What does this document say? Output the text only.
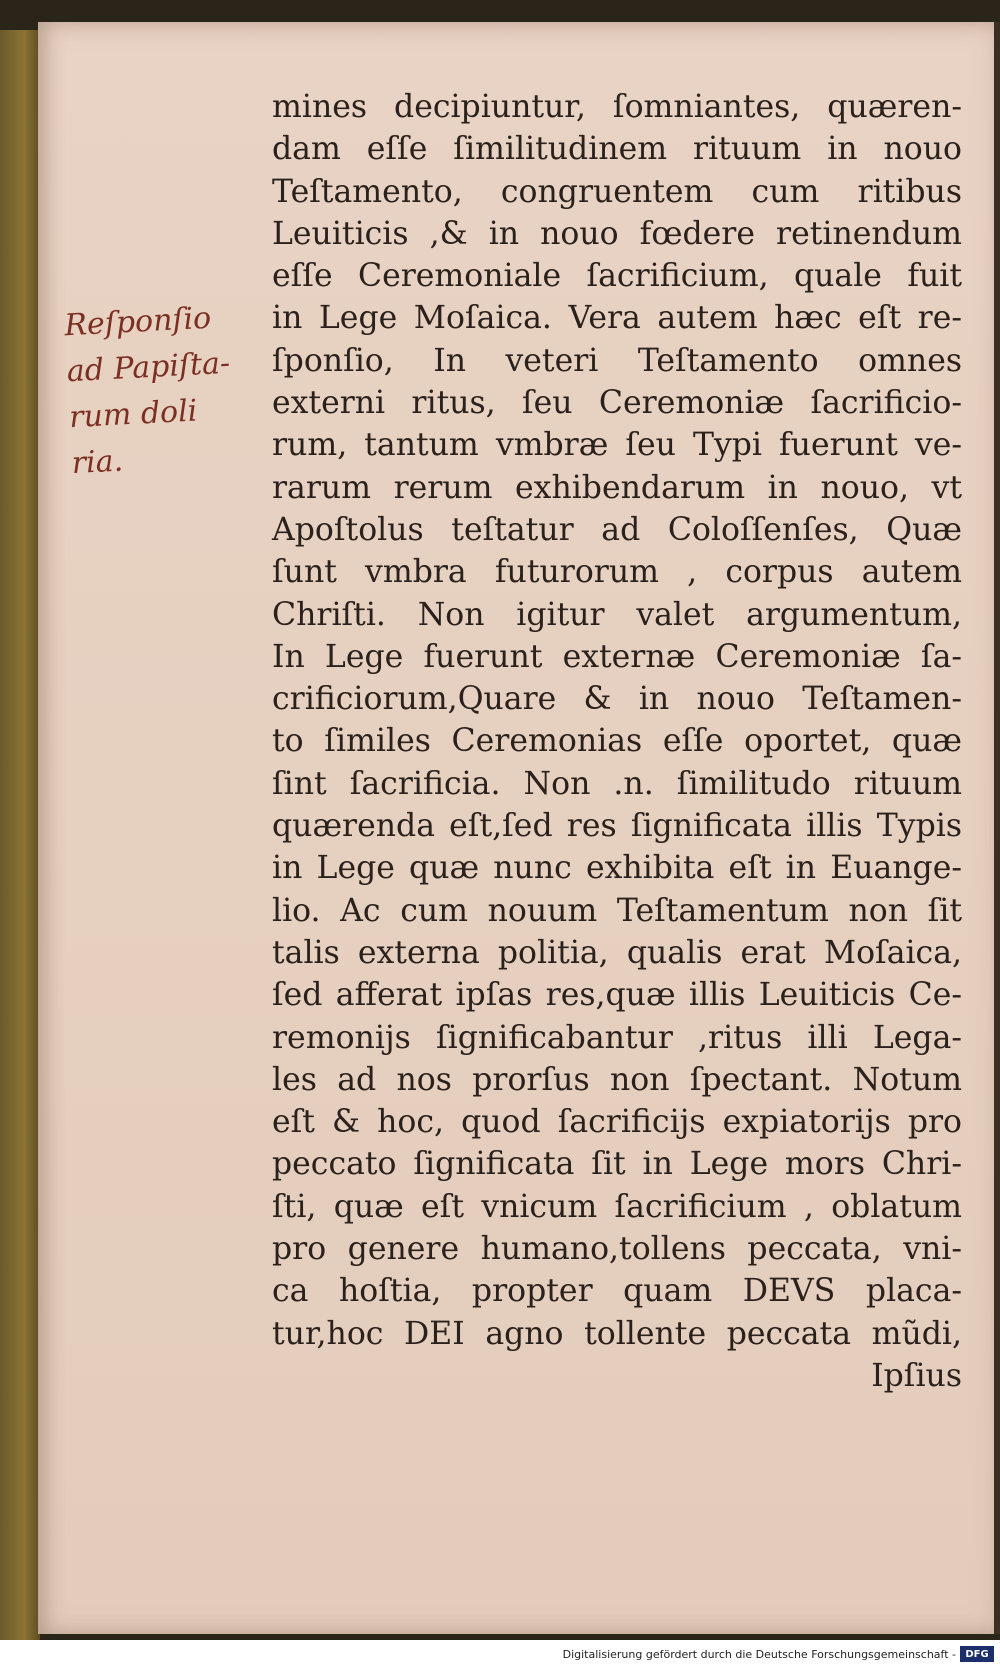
Reſponſio
ad Papiſta-
rum doli
ria.
mines decipiuntur, ſomniantes, quæren-
dam eſſe ſimilitudinem rituum in nouo
Teſtamento, congruentem cum ritibus
Leuiticis ,& in nouo fœdere retinendum
eſſe Ceremoniale ſacrificium, quale fuit
in Lege Moſaica. Vera autem hæc eſt re-
ſponſio, In veteri Teſtamento omnes
externi ritus, ſeu Ceremoniæ ſacrificio-
rum, tantum vmbræ ſeu Typi fuerunt ve-
rarum rerum exhibendarum in nouo, vt
Apoſtolus teſtatur ad Coloſſenſes, Quæ
ſunt vmbra futurorum , corpus autem
Chriſti. Non igitur valet argumentum,
In Lege fuerunt externæ Ceremoniæ ſa-
crificiorum,Quare & in nouo Teſtamen-
to ſimiles Ceremonias eſſe oportet, quæ
ſint ſacrificia. Non .n. ſimilitudo rituum
quærenda eſt,ſed res ſignificata illis Typis
in Lege quæ nunc exhibita eſt in Euange-
lio. Ac cum nouum Teſtamentum non ſit
talis externa politia, qualis erat Moſaica,
ſed afferat ipſas res,quæ illis Leuiticis Ce-
remonijs ſignificabantur ,ritus illi Lega-
les ad nos prorſus non ſpectant. Notum
eſt & hoc, quod ſacrificijs expiatorijs pro
peccato ſignificata ſit in Lege mors Chri-
ſti, quæ eſt vnicum ſacrificium , oblatum
pro genere humano,tollens peccata, vni-
ca hoſtia, propter quam DEVS placa-
tur,hoc DEI agno tollente peccata mũdi,
Ipſius
Digitalisierung gefördert durch die Deutsche Forschungsgemeinschaft - DFG
